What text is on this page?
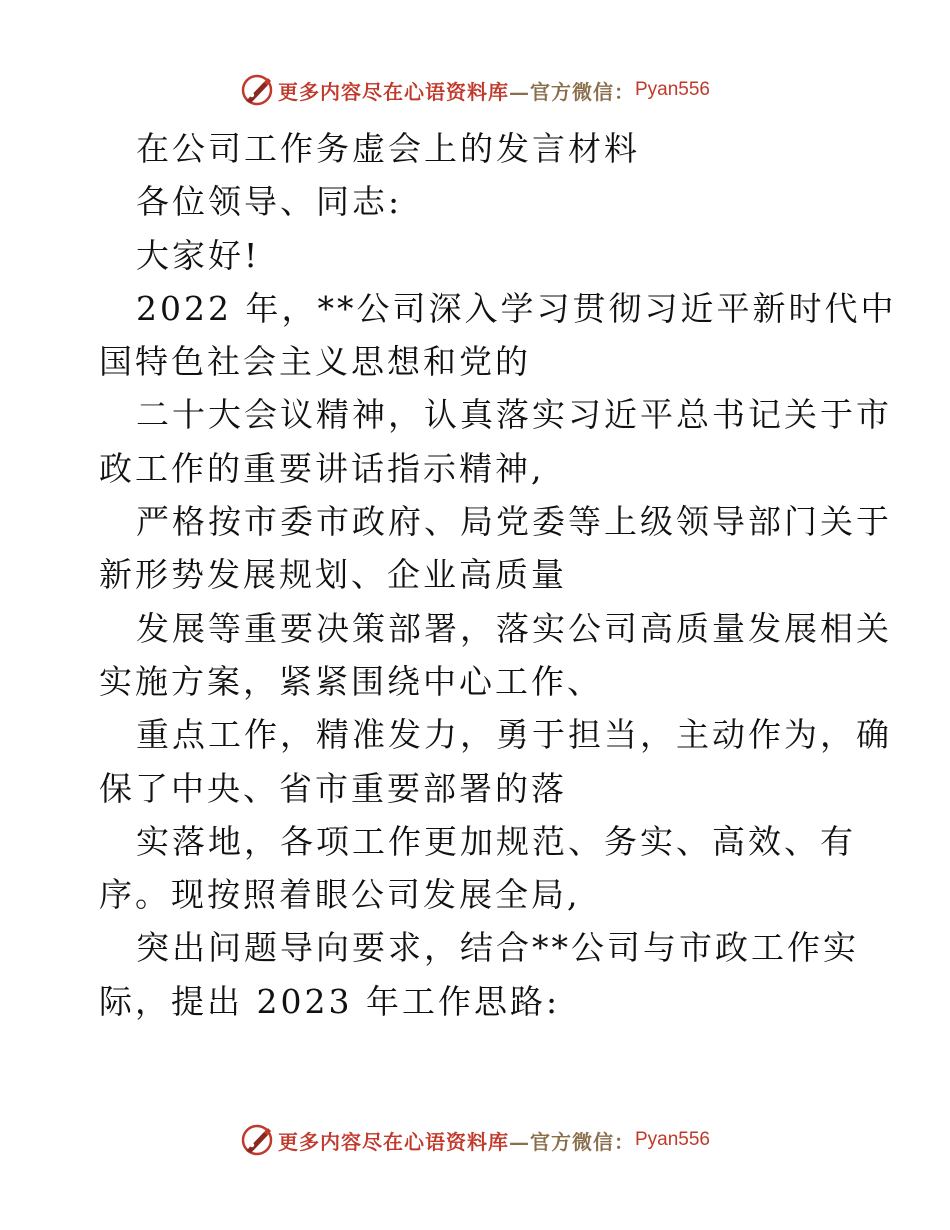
更多内容尽在心语资料库 —官方微信： Pyan556
在公司工作务虚会上的发言材料
各位领导、同志:
大家好!
2022 年，**公司深入学习贯彻习近平新时代中
国特色社会主义思想和党的
二十大会议精神，认真落实习近平总书记关于市
政工作的重要讲话指示精神,
严格按市委市政府、局党委等上级领导部门关于
新形势发展规划、企业高质量
发展等重要决策部署，落实公司高质量发展相关
实施方案，紧紧围绕中心工作、
重点工作，精准发力，勇于担当，主动作为，确
保了中央、省市重要部署的落
实落地，各项工作更加规范、务实、高效、有
序。现按照着眼公司发展全局,
突出问题导向要求，结合**公司与市政工作实
际，提出 2023 年工作思路:
更多内容尽在心语资料库 —官方微信： Pyan556
